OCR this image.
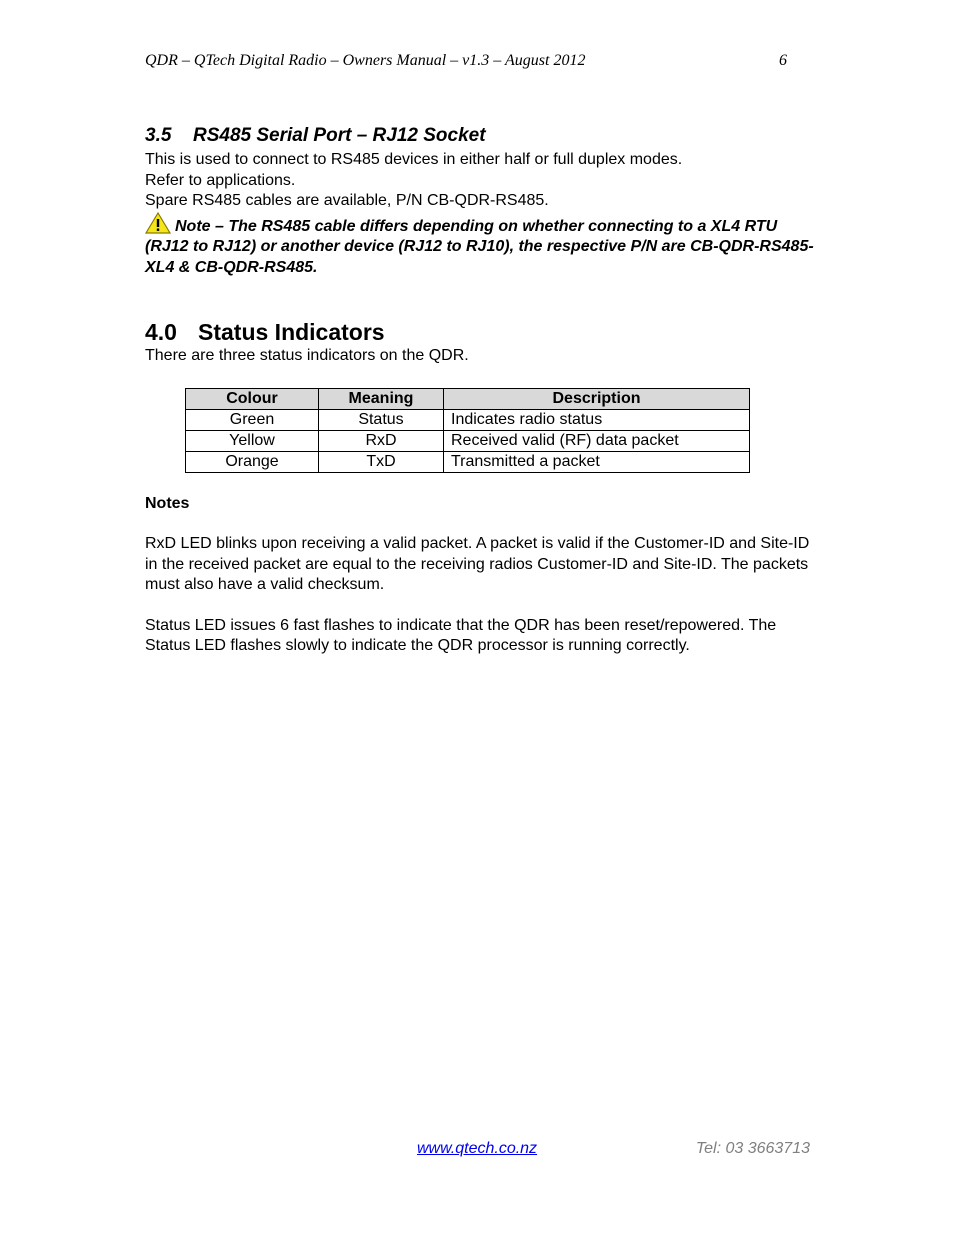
QDR – QTech Digital Radio – Owners Manual – v1.3 – August 2012	6
3.5 RS485 Serial Port – RJ12 Socket

This is used to connect to RS485 devices in either half or full duplex modes.

Refer to applications.

Spare RS485 cables are available, P/N CB-QDR-RS485.

Note – The RS485 cable differs depending on whether connecting to a XL4 RTU (RJ12 to RJ12) or another device (RJ12 to RJ10), the respective P/N are CB-QDR-RS485-XL4 & CB-QDR-RS485.

4.0 Status Indicators

There are three status indicators on the QDR.

Colour	Meaning	Description
Green	Status	Indicates radio status
Yellow	RxD	Received valid (RF) data packet
Orange	TxD	Transmitted a packet

Notes

RxD LED blinks upon receiving a valid packet. A packet is valid if the Customer-ID and Site-ID in the received packet are equal to the receiving radios Customer-ID and Site-ID. The packets must also have a valid checksum.

Status LED issues 6 fast flashes to indicate that the QDR has been reset/repowered. The Status LED flashes slowly to indicate the QDR processor is running correctly.

www.qtech.co.nz	Tel: 03 3663713
